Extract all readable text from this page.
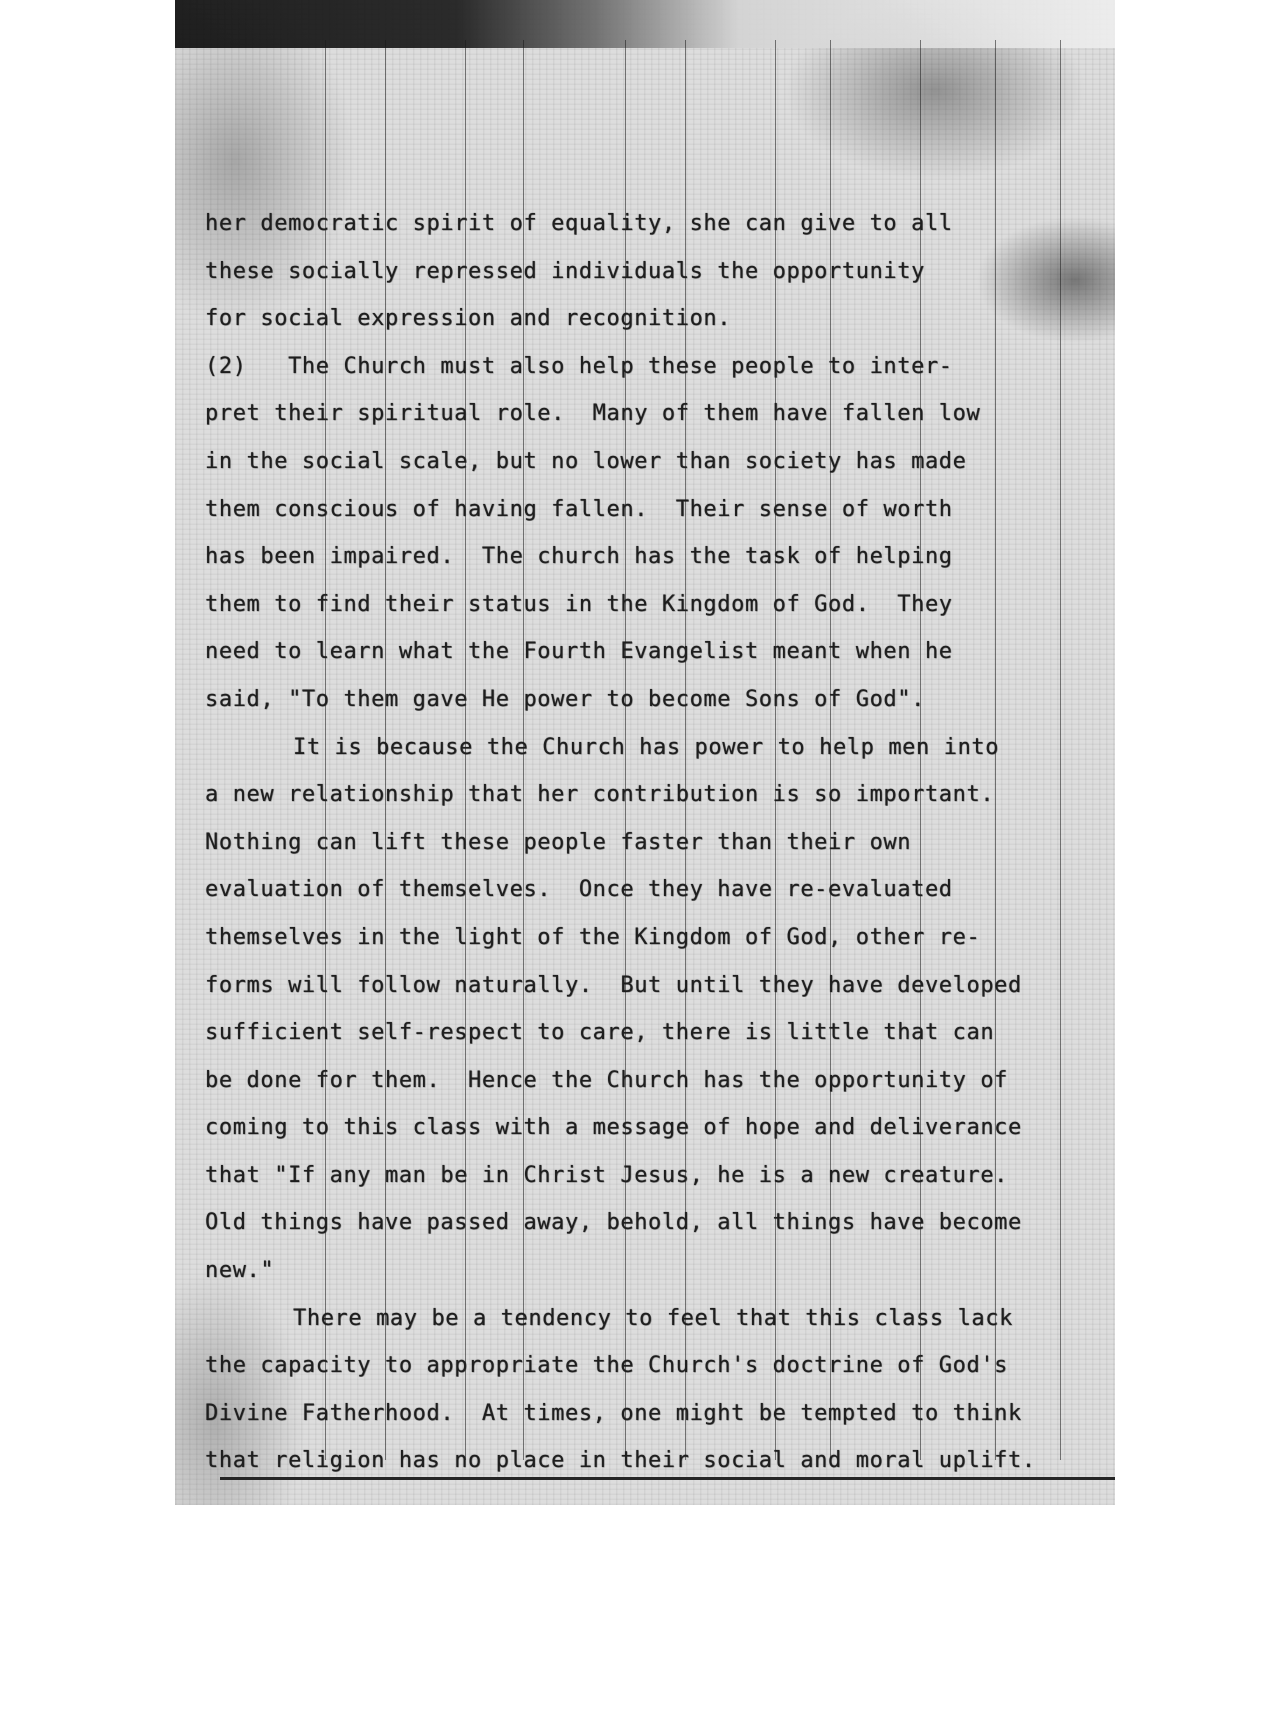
her democratic spirit of equality, she can give to all
these socially repressed individuals the opportunity
for social expression and recognition.
(2)   The Church must also help these people to inter-
pret their spiritual role.  Many of them have fallen low
in the social scale, but no lower than society has made
them conscious of having fallen.  Their sense of worth
has been impaired.  The church has the task of helping
them to find their status in the Kingdom of God.  They
need to learn what the Fourth Evangelist meant when he
said, "To them gave He power to become Sons of God".
It is because the Church has power to help men into
a new relationship that her contribution is so important.
Nothing can lift these people faster than their own
evaluation of themselves.  Once they have re-evaluated
themselves in the light of the Kingdom of God, other re-
forms will follow naturally.  But until they have developed
sufficient self-respect to care, there is little that can
be done for them.  Hence the Church has the opportunity of
coming to this class with a message of hope and deliverance
that "If any man be in Christ Jesus, he is a new creature.
Old things have passed away, behold, all things have become
new."
There may be a tendency to feel that this class lack
the capacity to appropriate the Church's doctrine of God's
Divine Fatherhood.  At times, one might be tempted to think
that religion has no place in their social and moral uplift.
